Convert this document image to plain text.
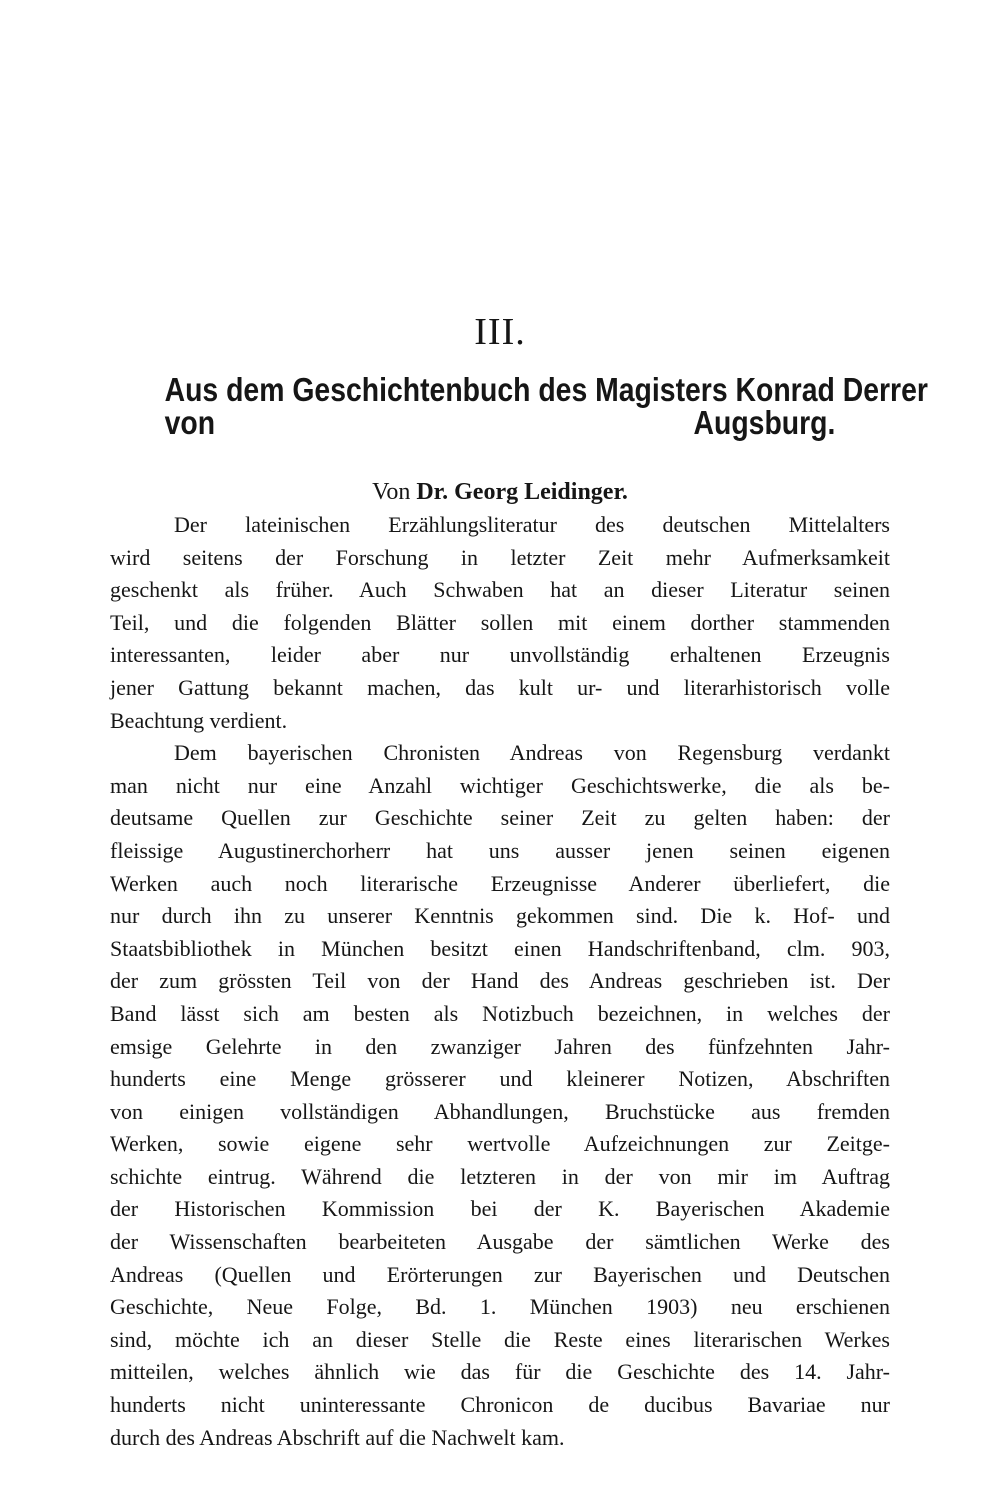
III.
Aus dem Geschichtenbuch des Magisters Konrad Derrer
von Augsburg.
Von Dr. Georg Leidinger.
Der lateinischen Erzählungsliteratur des deutschen Mittelalters
wird seitens der Forschung in letzter Zeit mehr Aufmerksamkeit
geschenkt als früher. Auch Schwaben hat an dieser Literatur seinen
Teil, und die folgenden Blätter sollen mit einem dorther stammenden
interessanten, leider aber nur unvollständig erhaltenen Erzeugnis
jener Gattung bekannt machen, das kult ur- und literarhistorisch volle
Beachtung verdient.
Dem bayerischen Chronisten Andreas von Regensburg verdankt
man nicht nur eine Anzahl wichtiger Geschichtswerke, die als be-
deutsame Quellen zur Geschichte seiner Zeit zu gelten haben: der
fleissige Augustinerchorherr hat uns ausser jenen seinen eigenen
Werken auch noch literarische Erzeugnisse Anderer überliefert, die
nur durch ihn zu unserer Kenntnis gekommen sind. Die k. Hof- und
Staatsbibliothek in München besitzt einen Handschriftenband, clm. 903,
der zum grössten Teil von der Hand des Andreas geschrieben ist. Der
Band lässt sich am besten als Notizbuch bezeichnen, in welches der
emsige Gelehrte in den zwanziger Jahren des fünfzehnten Jahr-
hunderts eine Menge grösserer und kleinerer Notizen, Abschriften
von einigen vollständigen Abhandlungen, Bruchstücke aus fremden
Werken, sowie eigene sehr wertvolle Aufzeichnungen zur Zeitge-
schichte eintrug. Während die letzteren in der von mir im Auftrag
der Historischen Kommission bei der K. Bayerischen Akademie
der Wissenschaften bearbeiteten Ausgabe der sämtlichen Werke des
Andreas (Quellen und Erörterungen zur Bayerischen und Deutschen
Geschichte, Neue Folge, Bd. 1. München 1903) neu erschienen
sind, möchte ich an dieser Stelle die Reste eines literarischen Werkes
mitteilen, welches ähnlich wie das für die Geschichte des 14. Jahr-
hunderts nicht uninteressante Chronicon de ducibus Bavariae nur
durch des Andreas Abschrift auf die Nachwelt kam.
